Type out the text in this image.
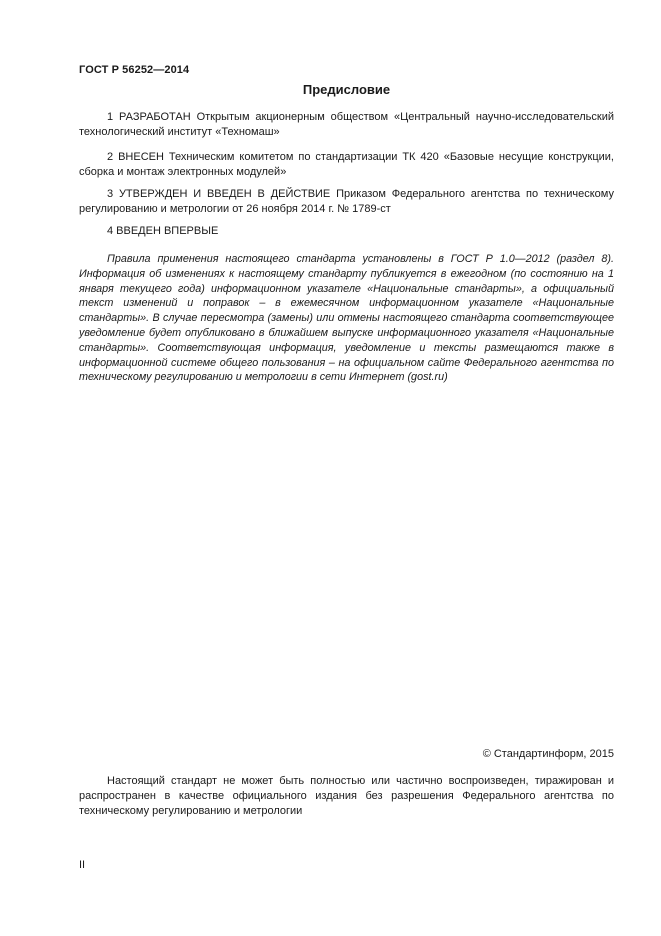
ГОСТ Р 56252—2014
Предисловие

1 РАЗРАБОТАН Открытым акционерным обществом «Центральный научно-исследовательский технологический институт «Техномаш»

2 ВНЕСЕН Техническим комитетом по стандартизации ТК 420 «Базовые несущие конструкции, сборка и монтаж электронных модулей»

3 УТВЕРЖДЕН И ВВЕДЕН В ДЕЙСТВИЕ Приказом Федерального агентства по техническому регулированию и метрологии от 26 ноября 2014 г. № 1789-ст

4 ВВЕДЕН ВПЕРВЫЕ

Правила применения настоящего стандарта установлены в ГОСТ Р 1.0—2012 (раздел 8). Информация об изменениях к настоящему стандарту публикуется в ежегодном (по состоянию на 1 января текущего года) информационном указателе «Национальные стандарты», а официальный текст изменений и поправок – в ежемесячном информационном указателе «Национальные стандарты». В случае пересмотра (замены) или отмены настоящего стандарта соответствующее уведомление будет опубликовано в ближайшем выпуске информационного указателя «Национальные стандарты». Соответствующая информация, уведомление и тексты размещаются также в информационной системе общего пользования – на официальном сайте Федерального агентства по техническому регулированию и метрологии в сети Интернет (gost.ru)

© Стандартинформ, 2015

Настоящий стандарт не может быть полностью или частично воспроизведен, тиражирован и распространен в качестве официального издания без разрешения Федерального агентства по техническому регулированию и метрологии

II
